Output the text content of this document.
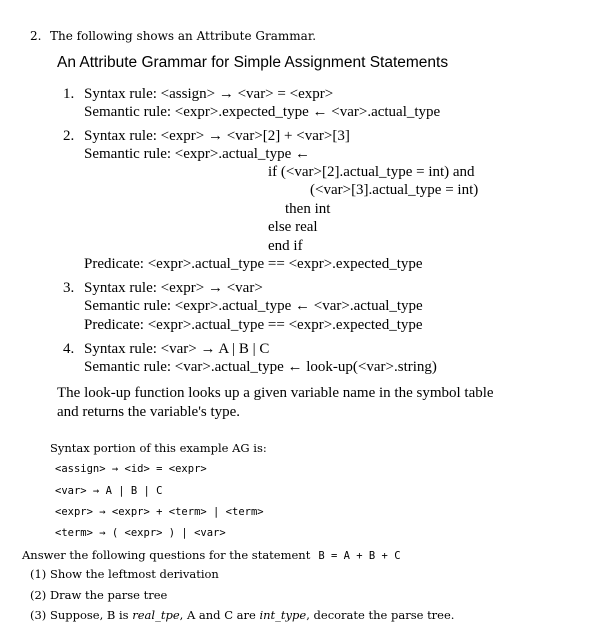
2. The following shows an Attribute Grammar.
An Attribute Grammar for Simple Assignment Statements
1. Syntax rule: <assign> → <var> = <expr>
Semantic rule: <expr>.expected_type ← <var>.actual_type
2. Syntax rule: <expr> → <var>[2] + <var>[3]
Semantic rule: <expr>.actual_type ←
if (<var>[2].actual_type = int) and
(<var>[3].actual_type = int)
then int
else real
end if
Predicate: <expr>.actual_type == <expr>.expected_type
3. Syntax rule: <expr> → <var>
Semantic rule: <expr>.actual_type ← <var>.actual_type
Predicate: <expr>.actual_type == <expr>.expected_type
4. Syntax rule: <var> → A | B | C
Semantic rule: <var>.actual_type ← look-up(<var>.string)
The look-up function looks up a given variable name in the symbol table
and returns the variable's type.
Syntax portion of this example AG is:
<assign> → <id> = <expr>
<var> → A | B | C
<expr> → <expr> + <term> | <term>
<term> → ( <expr> ) | <var>
Answer the following questions for the statement B = A + B + C
(1) Show the leftmost derivation
(2) Draw the parse tree
(3) Suppose, B is real_tpe, A and C are int_type, decorate the parse tree.
